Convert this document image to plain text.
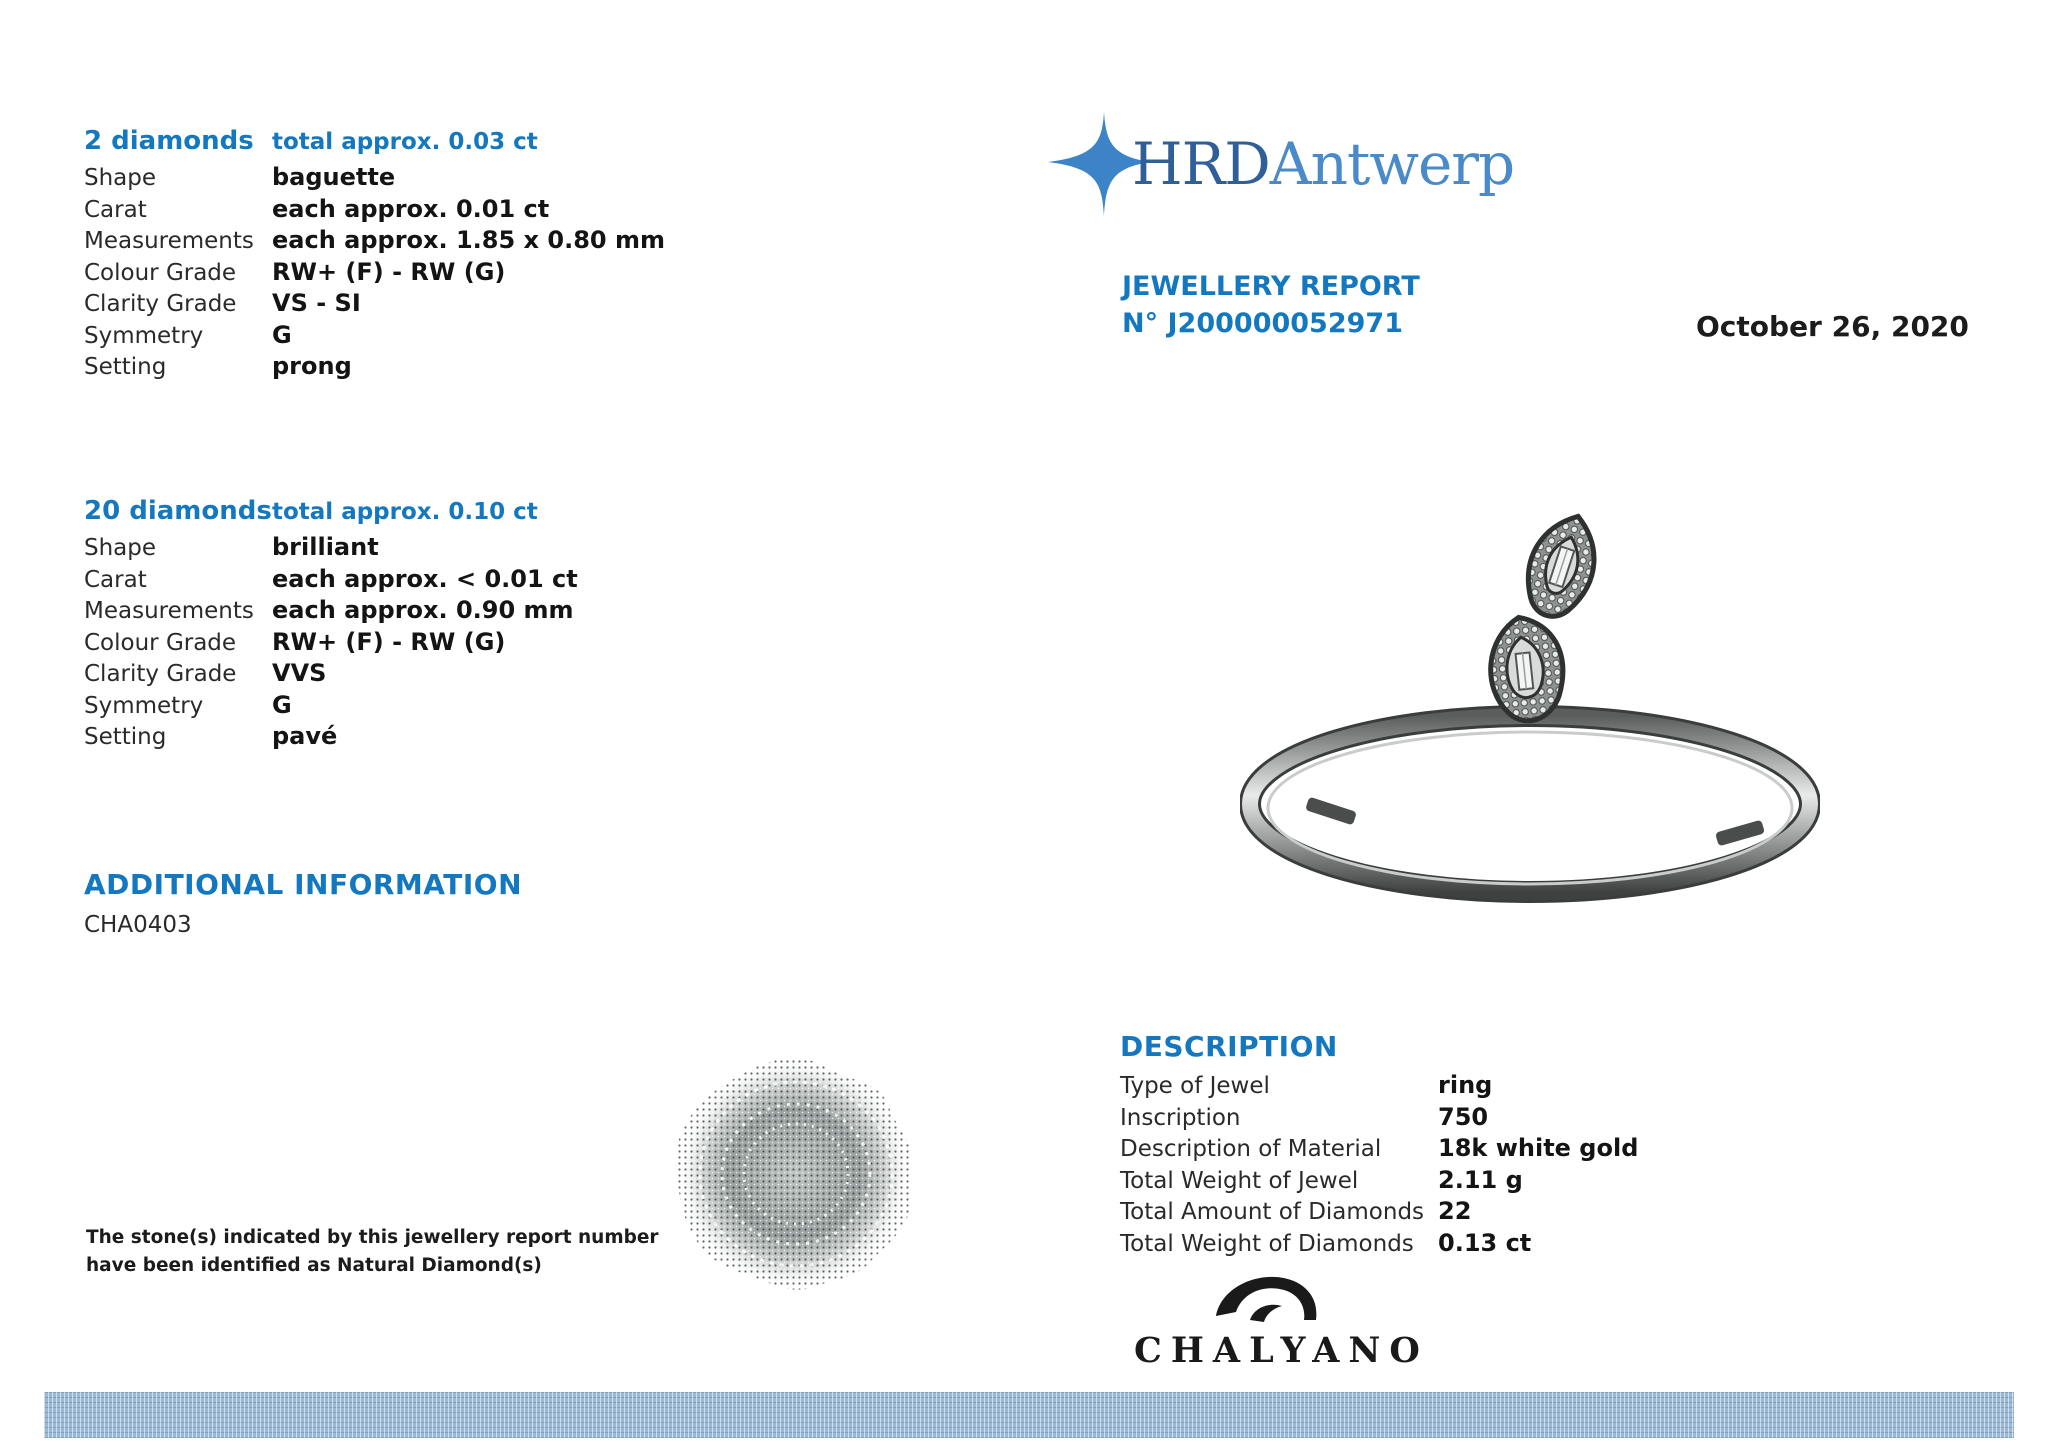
2 diamonds total approx. 0.03 ct
Shape	baguette
Carat	each approx. 0.01 ct
Measurements each approx. 1.85 x 0.80 mm
Colour Grade	RW+ (F) - RW (G)
Clarity Grade	VS - SI
Symmetry	G
Setting	prong
20 diamonds total approx. 0.10 ct
Shape	brilliant
Carat	each approx. < 0.01 ct
Measurements each approx. 0.90 mm
Colour Grade	RW+ (F) - RW (G)
Clarity Grade	VVS
Symmetry	G
Setting	pavé
ADDITIONAL INFORMATION
CHA0403
The stone(s) indicated by this jewellery report number
have been identified as Natural Diamond(s)
HRDAntwerp
JEWELLERY REPORT
N° J200000052971	October 26, 2020
DESCRIPTION
Type of Jewel	ring
Inscription	750
Description of Material	18k white gold
Total Weight of Jewel	2.11 g
Total Amount of Diamonds 22
Total Weight of Diamonds	0.13 ct
CHALYANO
